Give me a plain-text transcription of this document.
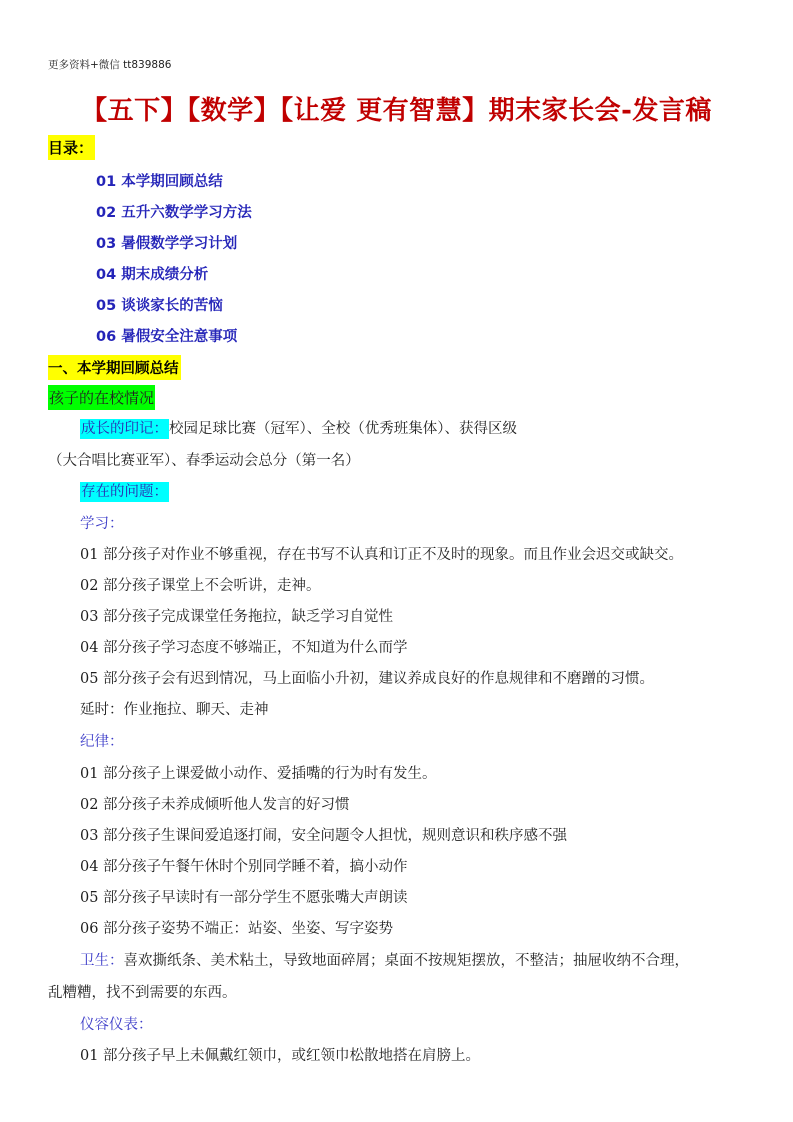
更多资料+微信 tt839886
【五下】【数学】【让爱 更有智慧】期末家长会-发言稿
目录：
01 本学期回顾总结
02 五升六数学学习方法
03 暑假数学学习计划
04 期末成绩分析
05 谈谈家长的苦恼
06 暑假安全注意事项
一、本学期回顾总结
孩子的在校情况
成长的印记：校园足球比赛（冠军）、全校（优秀班集体）、获得区级
（大合唱比赛亚军）、春季运动会总分（第一名）
存在的问题：
学习：
01 部分孩子对作业不够重视，存在书写不认真和订正不及时的现象。而且作业会迟交或缺交。
02 部分孩子课堂上不会听讲，走神。
03 部分孩子完成课堂任务拖拉，缺乏学习自觉性
04 部分孩子学习态度不够端正，不知道为什么而学
05 部分孩子会有迟到情况，马上面临小升初，建议养成良好的作息规律和不磨蹭的习惯。
延时：作业拖拉、聊天、走神
纪律：
01 部分孩子上课爱做小动作、爱插嘴的行为时有发生。
02 部分孩子未养成倾听他人发言的好习惯
03 部分孩子生课间爱追逐打闹，安全问题令人担忧，规则意识和秩序感不强
04 部分孩子午餐午休时个别同学睡不着，搞小动作
05 部分孩子早读时有一部分学生不愿张嘴大声朗读
06 部分孩子姿势不端正：站姿、坐姿、写字姿势
卫生：喜欢撕纸条、美术粘土，导致地面碎屑；桌面不按规矩摆放，不整洁；抽屉收纳不合理，
乱糟糟，找不到需要的东西。
仪容仪表：
01 部分孩子早上未佩戴红领巾，或红领巾松散地搭在肩膀上。
